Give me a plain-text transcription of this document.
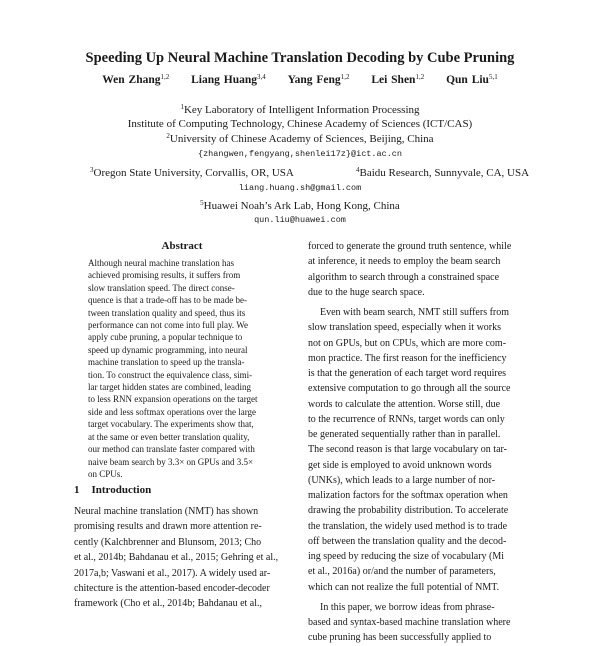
Speeding Up Neural Machine Translation Decoding by Cube Pruning
Wen Zhang$^{1,2}$ Liang Huang$^{3,4}$ Yang Feng$^{1,2}$ Lei Shen$^{1,2}$ Qun Liu$^{5,1}$
$^1$Key Laboratory of Intelligent Information Processing
Institute of Computing Technology, Chinese Academy of Sciences (ICT/CAS)
$^2$University of Chinese Academy of Sciences, Beijing, China
{zhangwen,fengyang,shenlei17z}@ict.ac.cn
$^3$Oregon State University, Corvallis, OR, USA	$^4$Baidu Research, Sunnyvale, CA, USA
liang.huang.sh@gmail.com
$^5$Huawei Noah’s Ark Lab, Hong Kong, China
qun.liu@huawei.com
Abstract
Although neural machine translation has
achieved promising results, it suffers from
slow translation speed. The direct conse-
quence is that a trade-off has to be made be-
tween translation quality and speed, thus its
performance can not come into full play. We
apply cube pruning, a popular technique to
speed up dynamic programming, into neural
machine translation to speed up the transla-
tion. To construct the equivalence class, simi-
lar target hidden states are combined, leading
to less RNN expansion operations on the target
side and less softmax operations over the large
target vocabulary. The experiments show that,
at the same or even better translation quality,
our method can translate faster compared with
naive beam search by 3.3× on GPUs and 3.5×
on CPUs.
1 Introduction
Neural machine translation (NMT) has shown
promising results and drawn more attention re-
cently (Kalchbrenner and Blunsom, 2013; Cho
et al., 2014b; Bahdanau et al., 2015; Gehring et al.,
2017a,b; Vaswani et al., 2017). A widely used ar-
chitecture is the attention-based encoder-decoder
framework (Cho et al., 2014b; Bahdanau et al.,
forced to generate the ground truth sentence, while
at inference, it needs to employ the beam search
algorithm to search through a constrained space
due to the huge search space.
Even with beam search, NMT still suffers from
slow translation speed, especially when it works
not on GPUs, but on CPUs, which are more com-
mon practice. The first reason for the inefficiency
is that the generation of each target word requires
extensive computation to go through all the source
words to calculate the attention. Worse still, due
to the recurrence of RNNs, target words can only
be generated sequentially rather than in parallel.
The second reason is that large vocabulary on tar-
get side is employed to avoid unknown words
(UNKs), which leads to a large number of nor-
malization factors for the softmax operation when
drawing the probability distribution. To accelerate
the translation, the widely used method is to trade
off between the translation quality and the decod-
ing speed by reducing the size of vocabulary (Mi
et al., 2016a) or/and the number of parameters,
which can not realize the full potential of NMT.
In this paper, we borrow ideas from phrase-
based and syntax-based machine translation where
cube pruning has been successfully applied to
